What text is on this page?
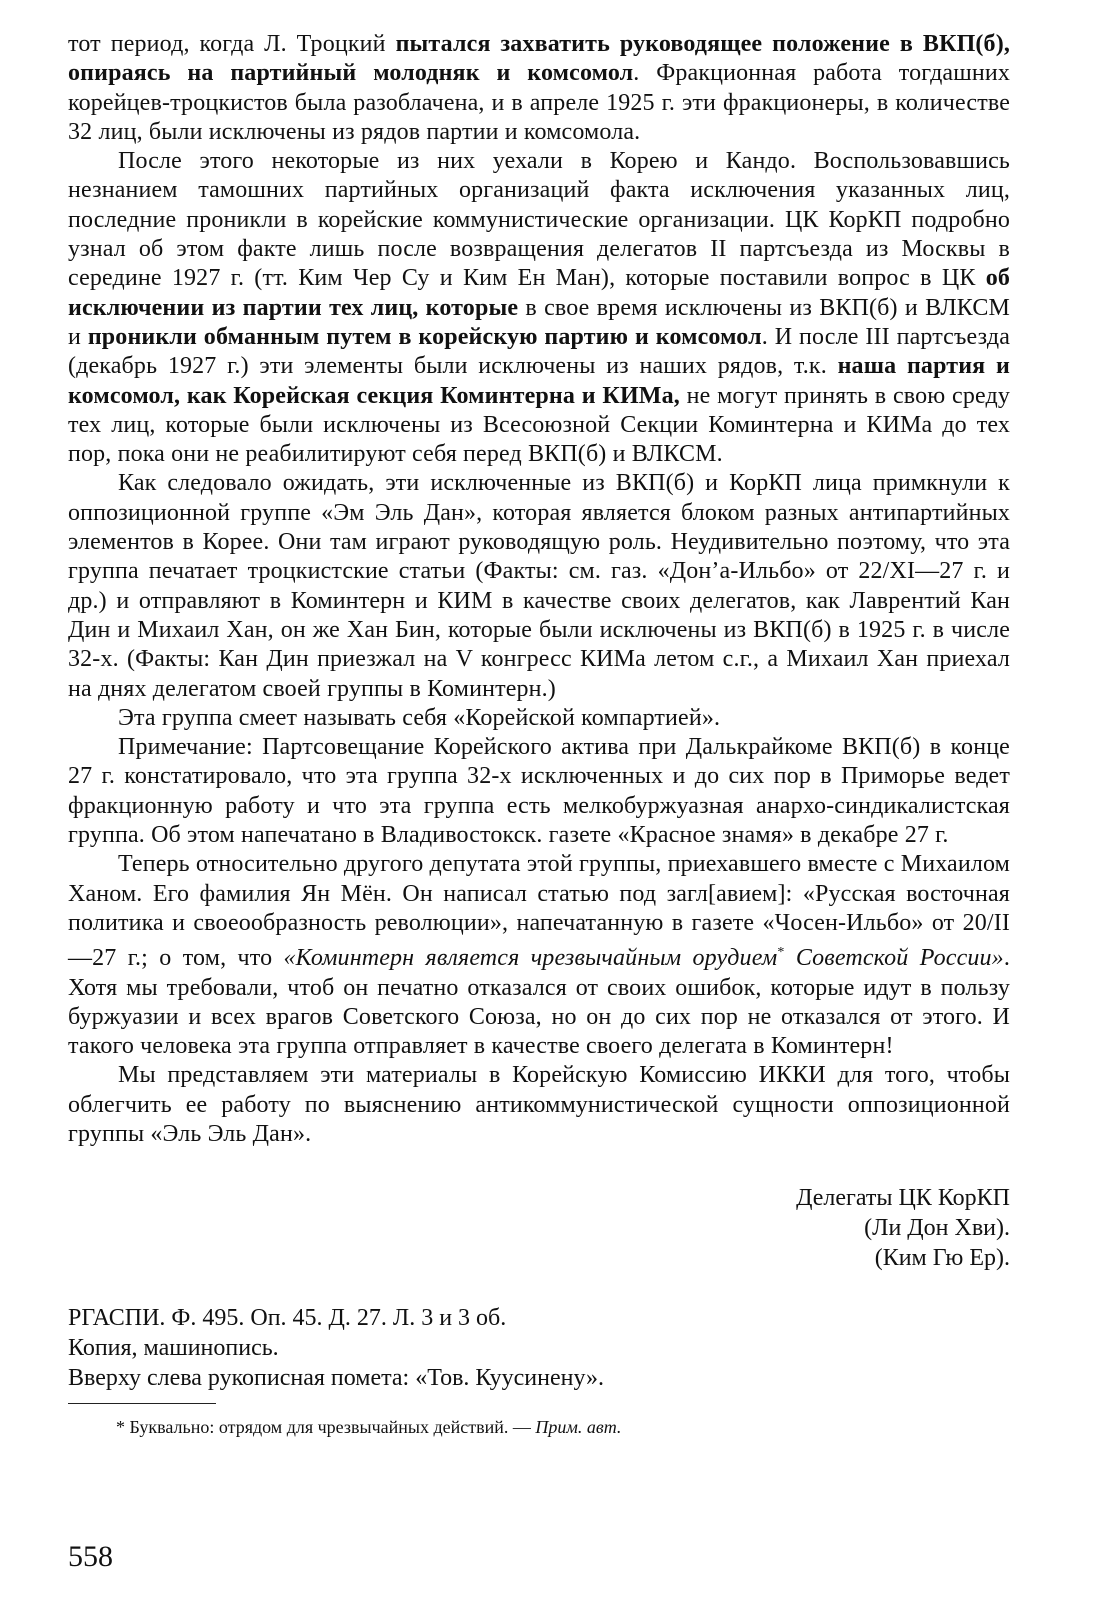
тот период, когда Л. Троцкий пытался захватить руководящее положение в ВКП(б), опираясь на партийный молодняк и комсомол. Фракционная работа тогдашних корейцев-троцкистов была разоблачена, и в апреле 1925 г. эти фракционеры, в количестве 32 лиц, были исключены из рядов партии и комсомола.

После этого некоторые из них уехали в Корею и Кандо. Воспользовавшись незнанием тамошних партийных организаций факта исключения указанных лиц, последние проникли в корейские коммунистические организации. ЦК КорКП подробно узнал об этом факте лишь после возвращения делегатов II партсъезда из Москвы в середине 1927 г. (тт. Ким Чер Су и Ким Ен Ман), которые поставили вопрос в ЦК об исключении из партии тех лиц, которые в свое время исключены из ВКП(б) и ВЛКСМ и проникли обманным путем в корейскую партию и комсомол. И после III партсъезда (декабрь 1927 г.) эти элементы были исключены из наших рядов, т.к. наша партия и комсомол, как Корейская секция Коминтерна и КИМа, не могут принять в свою среду тех лиц, которые были исключены из Всесоюзной Секции Коминтерна и КИМа до тех пор, пока они не реабилитируют себя перед ВКП(б) и ВЛКСМ.

Как следовало ожидать, эти исключенные из ВКП(б) и КорКП лица примкнули к оппозиционной группе «Эм Эль Дан», которая является блоком разных антипартийных элементов в Корее. Они там играют руководящую роль. Неудивительно поэтому, что эта группа печатает троцкистские статьи (Факты: см. газ. «Дон’а-Ильбо» от 22/XI—27 г. и др.) и отправляют в Коминтерн и КИМ в качестве своих делегатов, как Лаврентий Кан Дин и Михаил Хан, он же Хан Бин, которые были исключены из ВКП(б) в 1925 г. в числе 32-х. (Факты: Кан Дин приезжал на V конгресс КИМа летом с.г., а Михаил Хан приехал на днях делегатом своей группы в Коминтерн.)

Эта группа смеет называть себя «Корейской компартией».

Примечание: Партсовещание Корейского актива при Далькрайкоме ВКП(б) в конце 27 г. констатировало, что эта группа 32-х исключенных и до сих пор в Приморье ведет фракционную работу и что эта группа есть мелкобуржуазная анархо-синдикалистская группа. Об этом напечатано в Владивостокск. газете «Красное знамя» в декабре 27 г.

Теперь относительно другого депутата этой группы, приехавшего вместе с Михаилом Ханом. Его фамилия Ян Мён. Он написал статью под загл[авием]: «Русская восточная политика и своеообразность революции», напечатанную в газете «Чосен-Ильбо» от 20/II—27 г.; о том, что «Коминтерн является чрезвычайным орудием* Советской России». Хотя мы требовали, чтоб он печатно отказался от своих ошибок, которые идут в пользу буржуазии и всех врагов Советского Союза, но он до сих пор не отказался от этого. И такого человека эта группа отправляет в качестве своего делегата в Коминтерн!

Мы представляем эти материалы в Корейскую Комиссию ИККИ для того, чтобы облегчить ее работу по выяснению антикоммунистической сущности оппозиционной группы «Эль Эль Дан».

Делегаты ЦК КорКП
(Ли Дон Хви).
(Ким Гю Ер).
РГАСПИ. Ф. 495. Оп. 45. Д. 27. Л. 3 и 3 об.
Копия, машинопись.
Вверху слева рукописная помета: «Тов. Куусинену».
* Буквально: отрядом для чрезвычайных действий. — Прим. авт.
558
